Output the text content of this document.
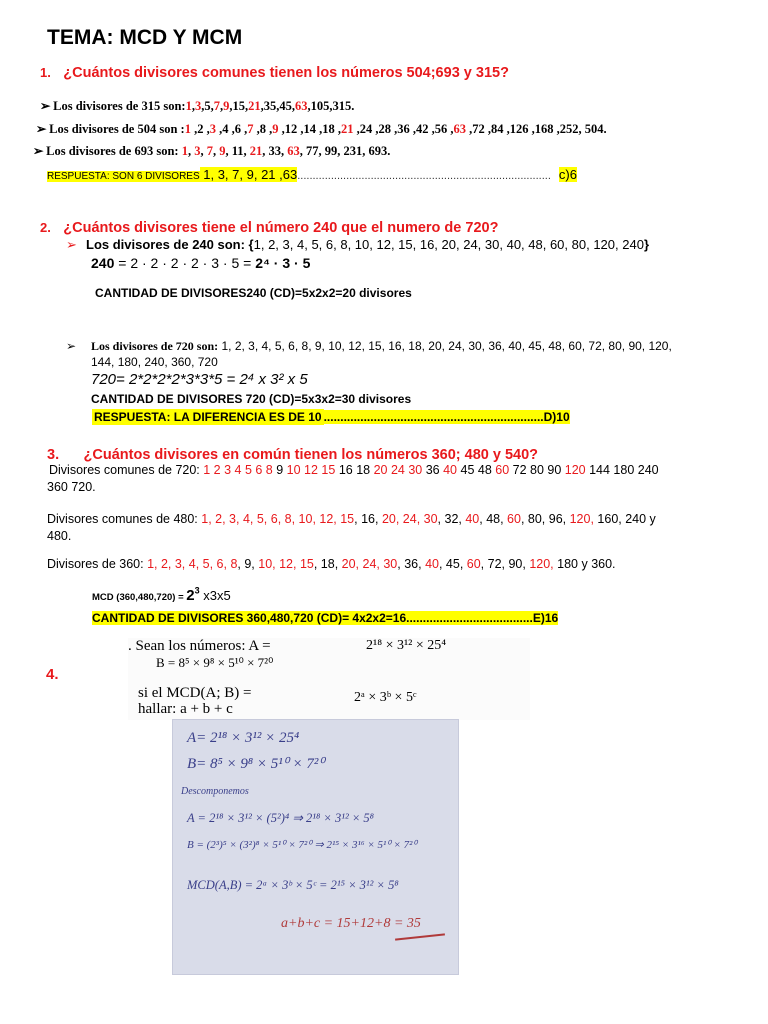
TEMA: MCD Y MCM
1. ¿Cuántos divisores comunes tienen los números 504;693 y 315?
➢ Los divisores de 315 son:1,3,5,7,9,15,21,35,45,63,105,315.
➢ Los divisores de 504 son :1 ,2 ,3 ,4 ,6 ,7 ,8 ,9 ,12 ,14 ,18 ,21 ,24 ,28 ,36 ,42 ,56 ,63 ,72 ,84 ,126 ,168 ,252, 504.
➢ Los divisores de 693 son: 1, 3, 7, 9, 11, 21, 33, 63, 77, 99, 231, 693.
RESPUESTA: SON 6 DIVISORES 1, 3, 7, 9, 21 ,63................................................................................... c)6
2. ¿Cuántos divisores tiene el número 240 que el numero de 720?
➢ Los divisores de 240 son: {1, 2, 3, 4, 5, 6, 8, 10, 12, 15, 16, 20, 24, 30, 40, 48, 60, 80, 120, 240}
240 = 2 · 2 · 2 · 2 · 3 · 5 = 2⁴ · 3 · 5
CANTIDAD DE DIVISORES240 (CD)=5x2x2=20 divisores
➢ Los divisores de 720 son: 1, 2, 3, 4, 5, 6, 8, 9, 10, 12, 15, 16, 18, 20, 24, 30, 36, 40, 45, 48, 60, 72, 80, 90, 120,
144, 180, 240, 360, 720
720= 2*2*2*2*3*3*5 = 2⁴ x 3² x 5
CANTIDAD DE DIVISORES 720 (CD)=5x3x2=30 divisores
RESPUESTA: LA DIFERENCIA ES DE 10 ..................................................................D)10
3. ¿Cuántos divisores en común tienen los números 360; 480 y 540?
Divisores comunes de 720: 1 2 3 4 5 6 8 9 10 12 15 16 18 20 24 30 36 40 45 48 60 72 80 90 120 144 180 240
360 720.
Divisores comunes de 480: 1, 2, 3, 4, 5, 6, 8, 10, 12, 15, 16, 20, 24, 30, 32, 40, 48, 60, 80, 96, 120, 160, 240 y
480.
Divisores de 360: 1, 2, 3, 4, 5, 6, 8, 9, 10, 12, 15, 18, 20, 24, 30, 36, 40, 45, 60, 72, 90, 120, 180 y 360.
MCD $(360,480,720) = 2^3$ x3x5
CANTIDAD DE DIVISORES 360,480,720 (CD)= 4x2x2=16......................................E)16
4.
. Sean los números: A =	2¹⁸ × 3¹² × 25⁴
B = 8⁵ × 9⁸ × 5¹⁰ × 7²⁰
si el MCD(A; B) =	2ᵃ × 3ᵇ × 5ᶜ
hallar: a + b + c
A= 2¹⁸ × 3¹² × 25⁴
B= 8⁵ × 9⁸ × 5¹⁰ × 7²⁰
Descomponemos
A = 2¹⁸ × 3¹² × (5²)⁴ ⇒ 2¹⁸ × 3¹² × 5⁸
B = (2³)⁵ × (3²)⁸ × 5¹⁰ × 7²⁰ ⇒ 2¹⁵ × 3¹⁶ × 5¹⁰ × 7²⁰
MCD(A,B) = 2ᵃ × 3ᵇ × 5ᶜ = 2¹⁵ × 3¹² × 5⁸
a+b+c = 15+12+8 = 35
